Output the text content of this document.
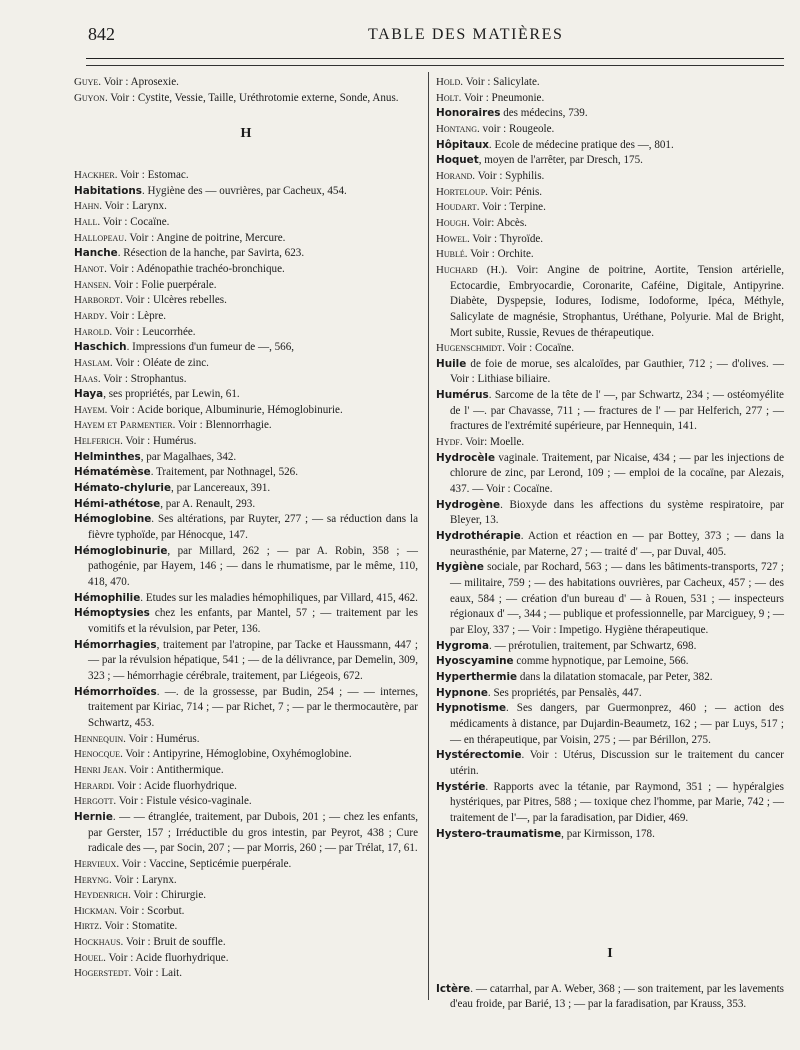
842	TABLE DES MATIÈRES
Guye. Voir : Aprosexie.
Guyon. Voir : Cystite, Vessie, Taille, Uréthrotomie externe, Sonde, Anus.
H
Hackher. Voir : Estomac.
Habitations. Hygiène des — ouvrières, par Cacheux, 454.
Hahn. Voir : Larynx.
Hall. Voir : Cocaïne.
Hallopeau. Voir : Angine de poitrine, Mercure.
Hanche. Résection de la hanche, par Savirta, 623.
Hanot. Voir : Adénopathie trachéo-bronchique.
Hansen. Voir : Folie puerpérale.
Harbordt. Voir : Ulcères rebelles.
Hardy. Voir : Lèpre.
Harold. Voir : Leucorrhée.
Haschich. Impressions d'un fumeur de —, 566,
Haslam. Voir : Oléate de zinc.
Haas. Voir : Strophantus.
Haya, ses propriétés, par Lewin, 61.
Hayem. Voir : Acide borique, Albuminurie, Hémoglobinurie.
Hayem et Parmentier. Voir : Blennorrhagie.
Helferich. Voir : Humérus.
Helminthes, par Magalhaes, 342.
Hématémèse. Traitement, par Nothnagel, 526.
Hémato-chylurie, par Lancereaux, 391.
Hémi-athétose, par A. Renault, 293.
Hémoglobine. Ses altérations, par Ruyter, 277 ; — sa réduction dans la fièvre typhoïde, par Hénocque, 147.
Hémoglobinurie, par Millard, 262 ; — par A. Robin, 358 ; — pathogénie, par Hayem, 146 ; — dans le rhumatisme, par le même, 110, 418, 470.
Hémophilie. Etudes sur les maladies hémophiliques, par Villard, 415, 462.
Hémoptysies chez les enfants, par Mantel, 57 ; — traitement par les vomitifs et la révulsion, par Peter, 136.
Hémorrhagies, traitement par l'atropine, par Tacke et Haussmann, 447 ; — par la révulsion hépatique, 541 ; — de la délivrance, par Demelin, 309, 323 ; — hémorrhagie cérébrale, traitement, par Liégeois, 672.
Hémorrhoïdes. —. de la grossesse, par Budin, 254 ; — — internes, traitement par Kiriac, 714 ; — par Richet, 7 ; — par le thermocautère, par Schwartz, 453.
Hennequin. Voir : Humérus.
Henocque. Voir : Antipyrine, Hémoglobine, Oxyhémoglobine.
Henri Jean. Voir : Antithermique.
Herardi. Voir : Acide fluorhydrique.
Hergott. Voir : Fistule vésico-vaginale.
Hernie. — — étranglée, traitement, par Dubois, 201 ; — chez les enfants, par Gerster, 157 ; Irréductible du gros intestin, par Peyrot, 438 ; Cure radicale des —, par Socin, 207 ; — par Morris, 260 ; — par Trélat, 17, 61.
Hervieux. Voir : Vaccine, Septicémie puerpérale.
Heryng. Voir : Larynx.
Heydenrich. Voir : Chirurgie.
Hickman. Voir : Scorbut.
Hirtz. Voir : Stomatite.
Hockhaus. Voir : Bruit de souffle.
Houel. Voir : Acide fluorhydrique.
Hogerstedt. Voir : Lait.
Hold. Voir : Salicylate.
Holt. Voir : Pneumonie.
Honoraires des médecins, 739.
Hontang. voir : Rougeole.
Hôpitaux. Ecole de médecine pratique des —, 801.
Hoquet, moyen de l'arrêter, par Dresch, 175.
Horand. Voir : Syphilis.
Horteloup. Voir: Pénis.
Houdart. Voir : Terpine.
Hough. Voir: Abcès.
Howel. Voir : Thyroïde.
Hublé. Voir : Orchite.
Huchard (H.). Voir: Angine de poitrine, Aortite, Tension artérielle, Ectocardie, Embryocardie, Coronarite, Caféine, Digitale, Antipyrine. Diabète, Dyspepsie, Iodures, Iodisme, Iodoforme, Ipéca, Méthyle, Salicylate de magnésie, Strophantus, Uréthane, Polyurie. Mal de Bright, Mort subite, Russie, Revues de thérapeutique.
Hugenschmidt. Voir : Cocaïne.
Huile de foie de morue, ses alcaloïdes, par Gauthier, 712 ; — d'olives. — Voir : Lithiase biliaire.
Humérus. Sarcome de la tête de l' —, par Schwartz, 234 ; — ostéomyélite de l' —. par Chavasse, 711 ; — fractures de l' — par Helferich, 277 ; — fractures de l'extrémité supérieure, par Hennequin, 141.
Hydf. Voir: Moelle.
Hydrocèle vaginale. Traitement, par Nicaise, 434 ; — par les injections de chlorure de zinc, par Lerond, 109 ; — emploi de la cocaïne, par Alezais, 437. — Voir : Cocaïne.
Hydrogène. Bioxyde dans les affections du système respiratoire, par Bleyer, 13.
Hydrothérapie. Action et réaction en — par Bottey, 373 ; — dans la neurasthénie, par Materne, 27 ; — traité d' —, par Duval, 405.
Hygiène sociale, par Rochard, 563 ; — dans les bâtiments-transports, 727 ; — militaire, 759 ; — des habitations ouvrières, par Cacheux, 457 ; — des eaux, 584 ; — création d'un bureau d' — à Rouen, 531 ; — inspecteurs régionaux d' —, 344 ; — publique et professionnelle, par Marciguey, 9 ; — par Eloy, 337 ; — Voir : Impetigo. Hygiène thérapeutique.
Hygroma. — prérotulien, traitement, par Schwartz, 698.
Hyoscyamine comme hypnotique, par Lemoine, 566.
Hyperthermie dans la dilatation stomacale, par Peter, 382.
Hypnone. Ses propriétés, par Pensalès, 447.
Hypnotisme. Ses dangers, par Guermonprez, 460 ; — action des médicaments à distance, par Dujardin-Beaumetz, 162 ; — par Luys, 517 ; — en thérapeutique, par Voisin, 275 ; — par Bérillon, 275.
Hystérectomie. Voir : Utérus, Discussion sur le traitement du cancer utérin.
Hystérie. Rapports avec la tétanie, par Raymond, 351 ; — hypéralgies hystériques, par Pitres, 588 ; — toxique chez l'homme, par Marie, 742 ; — traitement de l'—, par la faradisation, par Didier, 469.
Hystero-traumatisme, par Kirmisson, 178.
I
Ictère. — catarrhal, par A. Weber, 368 ; — son traitement, par les lavements d'eau froide, par Barié, 13 ; — par la faradisation, par Krauss, 353.
